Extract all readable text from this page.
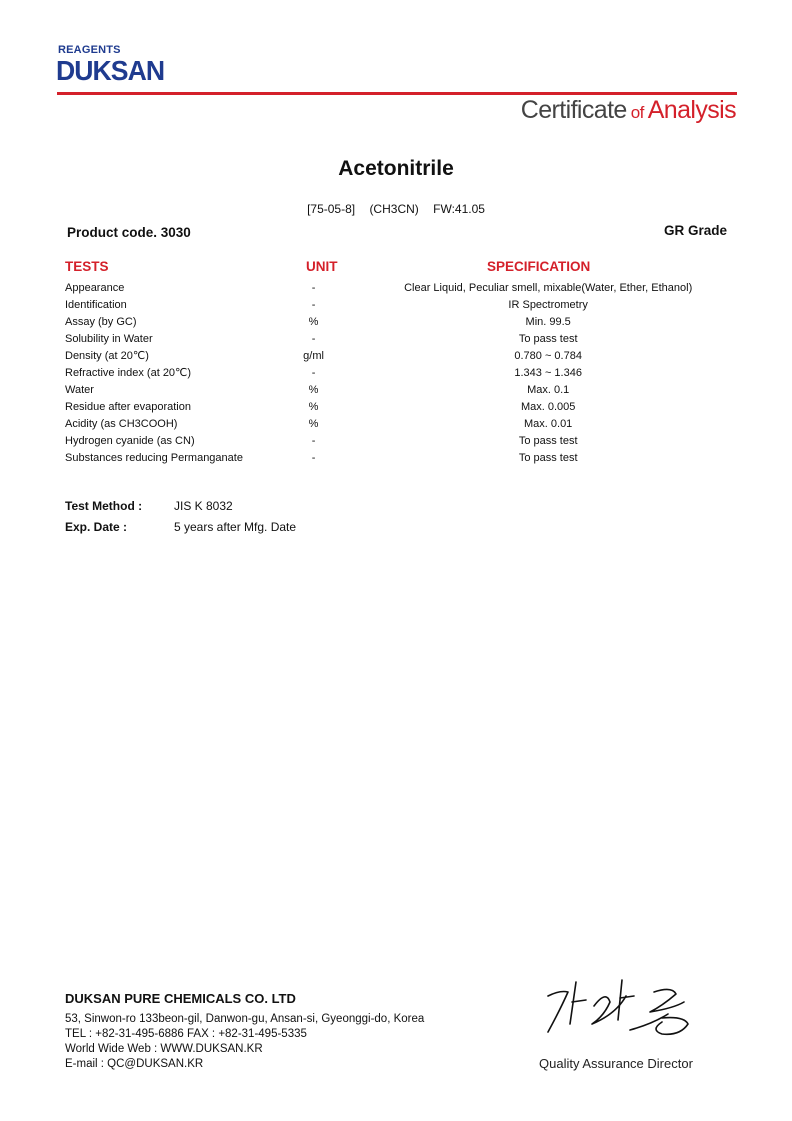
REAGENTS
DUKSAN
Certificate of Analysis
Acetonitrile
[75-05-8] (CH3CN) FW:41.05
Product code. 3030	GR Grade
TESTS	UNIT	SPECIFICATION
Appearance	-	Clear Liquid, Peculiar smell, mixable(Water, Ether, Ethanol)
Identification	-	IR Spectrometry
Assay (by GC)	%	Min. 99.5
Solubility in Water	-	To pass test
Density (at 20℃)	g/ml	0.780 ~ 0.784
Refractive index (at 20℃)	-	1.343 ~ 1.346
Water	%	Max. 0.1
Residue after evaporation	%	Max. 0.005
Acidity (as CH3COOH)	%	Max. 0.01
Hydrogen cyanide (as CN)	-	To pass test
Substances reducing Permanganate	-	To pass test
Test Method :	JIS K 8032
Exp. Date :	5 years after Mfg. Date
DUKSAN PURE CHEMICALS CO. LTD
53, Sinwon-ro 133beon-gil, Danwon-gu, Ansan-si, Gyeonggi-do, Korea
TEL : +82-31-495-6886 FAX : +82-31-495-5335
World Wide Web : WWW.DUKSAN.KR
E-mail : QC@DUKSAN.KR	Quality Assurance Director
